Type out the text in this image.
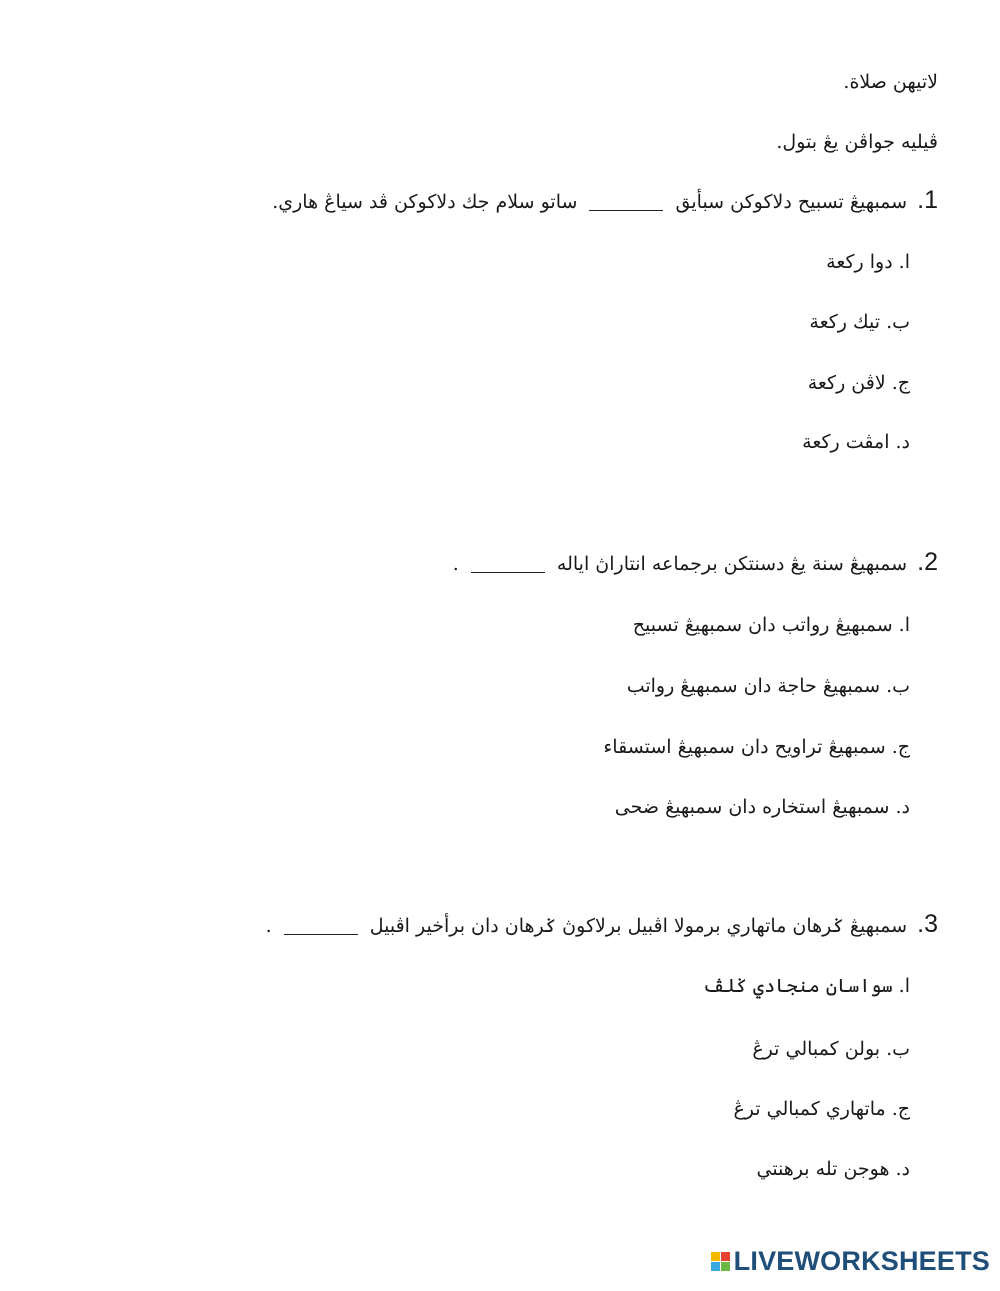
لاتيهن صلاة.
ڤيليه جواڤن يڠ بتول.
1. سمبهيڠ تسبيح دلاكوكن سبأيق  ساتو سلام جك دلاكوكن ڤد سياڠ هاري.
ا.دوا ركعة
ب.تيك ركعة
ج.لاڤن ركعة
د.امڤت ركعة
2. سمبهيڠ سنة يڠ دسنتكن برجماعه انتاراڽ اياله  .
ا.سمبهيڠ رواتب دان سمبهيڠ تسبيح
ب.سمبهيڠ حاجة دان سمبهيڠ رواتب
ج.سمبهيڠ تراويح دان سمبهيڠ استسقاء
د.سمبهيڠ استخاره دان سمبهيڠ ضحى
3. سمبهيڠ ݢرهان ماتهاري برمولا اڤبيل برلاكوڽ ݢرهان دان برأخير اڤبيل  .
ا.سواسان منجادي ݢلڤ
ب.بولن كمبالي ترڠ
ج.ماتهاري كمبالي ترڠ
د.هوجن تله برهنتي
LIVEWORKSHEETS
